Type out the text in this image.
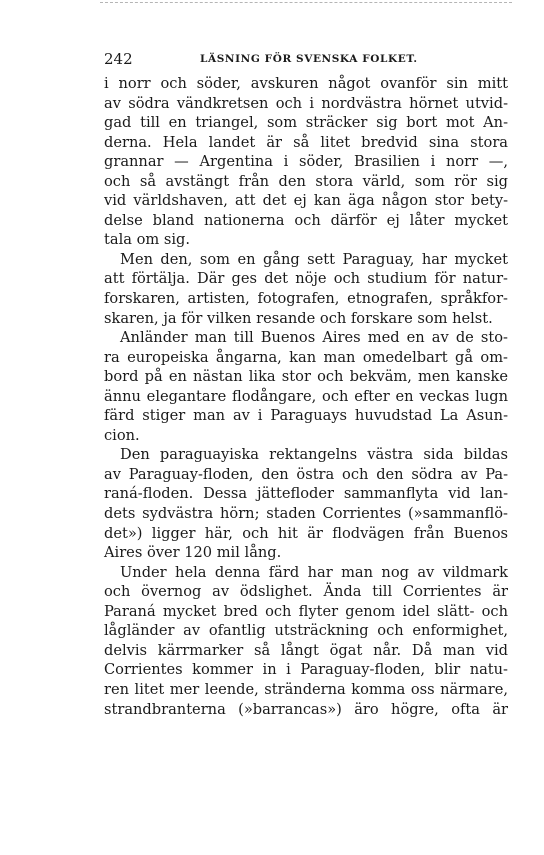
242	LÄSNING FÖR SVENSKA FOLKET.
i norr och söder, avskuren något ovanför sin mitt
av södra vändkretsen och i nordvästra hörnet utvid-
gad till en triangel, som sträcker sig bort mot An-
derna. Hela landet är så litet bredvid sina stora
grannar — Argentina i söder, Brasilien i norr —,
och så avstängt från den stora värld, som rör sig
vid världshaven, att det ej kan äga någon stor bety-
delse bland nationerna och därför ej låter mycket
tala om sig.
Men den, som en gång sett Paraguay, har mycket
att förtälja. Där ges det nöje och studium för natur-
forskaren, artisten, fotografen, etnografen, språkfor-
skaren, ja för vilken resande och forskare som helst.
Anländer man till Buenos Aires med en av de sto-
ra europeiska ångarna, kan man omedelbart gå om-
bord på en nästan lika stor och bekväm, men kanske
ännu elegantare flodångare, och efter en veckas lugn
färd stiger man av i Paraguays huvudstad La Asun-
cion.
Den paraguayiska rektangelns västra sida bildas
av Paraguay-floden, den östra och den södra av Pa-
raná-floden. Dessa jättefloder sammanflyta vid lan-
dets sydvästra hörn; staden Corrientes (»sammanflö-
det») ligger här, och hit är flodvägen från Buenos
Aires över 120 mil lång.
Under hela denna färd har man nog av vildmark
och övernog av ödslighet. Ända till Corrientes är
Paraná mycket bred och flyter genom idel slätt- och
lågländer av ofantlig utsträckning och enformighet,
delvis kärrmarker så långt ögat når. Då man vid
Corrientes kommer in i Paraguay-floden, blir natu-
ren litet mer leende, stränderna komma oss närmare,
strandbranterna (»barrancas») äro högre, ofta är
